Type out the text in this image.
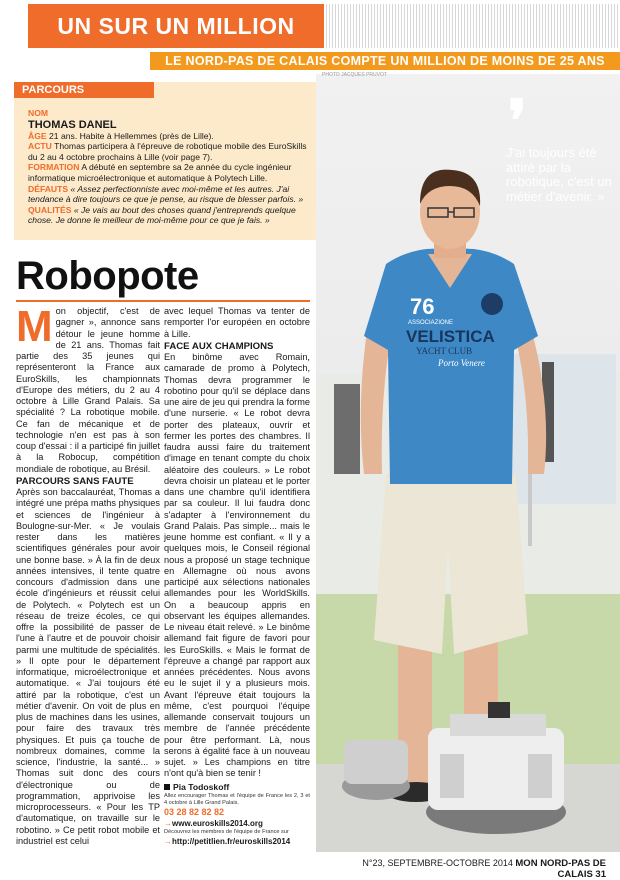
UN SUR UN MILLION
LE NORD-PAS DE CALAIS COMPTE UN MILLION DE MOINS DE 25 ANS
76
ASSOCIAZIONE
VELISTICA
YACHT CLUB
Porto Venere
PHOTO JACQUES PRUVOT
❜
J'ai toujours été attiré par la robotique, c'est un métier d'avenir. »
PARCOURS
NOM
THOMAS DANEL
ÂGE 21 ans. Habite à Hellemmes (près de Lille).
ACTU Thomas participera à l'épreuve de robotique mobile des EuroSkills du 2 au 4 octobre prochains à Lille (voir page 7).
FORMATION A débuté en septembre sa 2e année du cycle ingénieur informatique microélectronique et automatique à Polytech Lille.
DÉFAUTS « Assez perfectionniste avec moi-même et les autres. J'ai tendance à dire toujours ce que je pense, au risque de blesser parfois. »
QUALITÉS « Je vais au bout des choses quand j'entreprends quelque chose. Je donne le meilleur de moi-même pour ce que je fais. »
Robopote

Mon objectif, c'est de gagner », annonce sans détour le jeune homme de 21 ans. Thomas fait partie des 35 jeunes qui représenteront la France aux EuroSkills, les championnats d'Europe des métiers, du 2 au 4 octobre à Lille Grand Palais. Sa spécialité ? La robotique mobile. Ce fan de mécanique et de technologie n'en est pas à son coup d'essai : il a participé fin juillet à la Robocup, compétition mondiale de robotique, au Brésil.

PARCOURS SANS FAUTE

Après son baccalauréat, Thomas a intégré une prépa maths physiques et sciences de l'ingénieur à Boulogne-sur-Mer. « Je voulais rester dans les matières scientifiques générales pour avoir une bonne base. » À la fin de deux années intensives, il tente quatre concours d'admission dans une école d'ingénieurs et réussit celui de Polytech. « Polytech est un réseau de treize écoles, ce qui offre la possibilité de passer de l'une à l'autre et de pouvoir choisir parmi une multitude de spécialités. » Il opte pour le département informatique, microélectronique et automatique. « J'ai toujours été attiré par la robotique, c'est un métier d'avenir. On voit de plus en plus de machines dans les usines, pour faire des travaux très physiques. Et puis ça touche de nombreux domaines, comme la science, l'industrie, la santé... » Thomas suit donc des cours d'électronique ou de programmation, apprivoise les microprocesseurs. « Pour les TP d'automatique, on travaille sur le robotino. » Ce petit robot mobile et industriel est celui

avec lequel Thomas va tenter de remporter l'or européen en octobre à Lille.

FACE AUX CHAMPIONS

En binôme avec Romain, camarade de promo à Polytech, Thomas devra programmer le robotino pour qu'il se déplace dans une aire de jeu qui prendra la forme d'une nurserie. « Le robot devra porter des plateaux, ouvrir et fermer les portes des chambres. Il faudra aussi faire du traitement d'image en tenant compte du choix aléatoire des couleurs. » Le robot devra choisir un plateau et le porter dans une chambre qu'il identifiera par sa couleur. Il lui faudra donc s'adapter à l'environnement du Grand Palais. Pas simple... mais le jeune homme est confiant. « Il y a quelques mois, le Conseil régional nous a proposé un stage technique en Allemagne où nous avons participé aux sélections nationales allemandes pour les WorldSkills. On a beaucoup appris en observant les équipes allemandes. Le niveau était relevé. » Le binôme allemand fait figure de favori pour les EuroSkills. « Mais le format de l'épreuve a changé par rapport aux années précédentes. Nous avons eu le sujet il y a plusieurs mois. Avant l'épreuve était toujours la même, c'est pourquoi l'équipe allemande conservait toujours un membre de l'année précédente pour être performant. Là, nous serons à égalité face à un nouveau sujet. » Les champions en titre n'ont qu'à bien se tenir !

Pia Todoskoff
Allez encourager Thomas et l'équipe de France les 2, 3 et 4 octobre à Lille Grand Palais.
03 28 82 82 82
→www.euroskills2014.org
Découvrez les membres de l'équipe de France sur
→http://petitlien.fr/euroskills2014
N°23, SEPTEMBRE-OCTOBRE 2014 MON NORD-PAS DE CALAIS 31
